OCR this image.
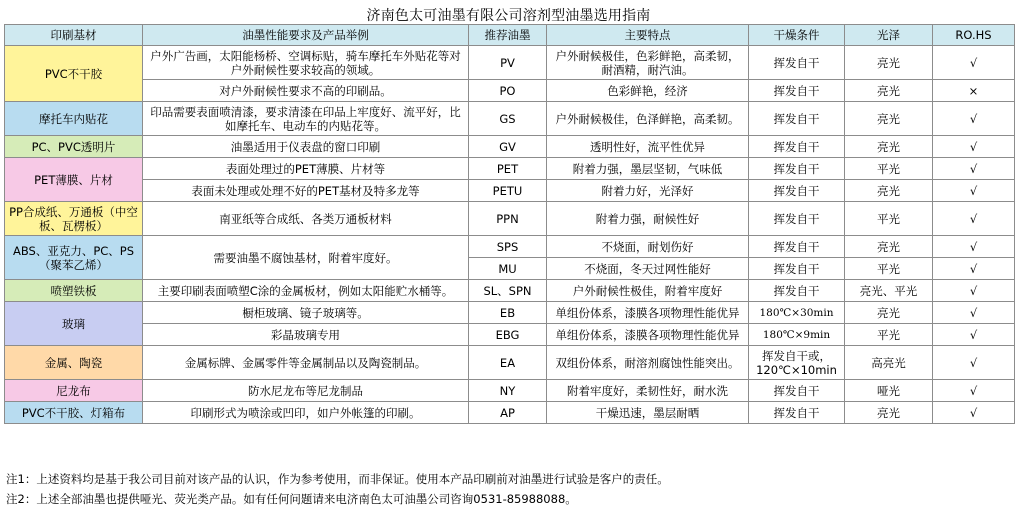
济南色太可油墨有限公司溶剂型油墨选用指南
印刷基材	油墨性能要求及产品举例	推荐油墨	主要特点	干燥条件	光泽	RO.HS
PVC不干胶	户外广告画，太阳能杨桥、空调标贴，骑车摩托车外贴花等对户外耐候性要求较高的领域。	PV	户外耐候极佳，色彩鲜艳，高柔韧，耐酒精，耐汽油。	挥发自干	亮光	√
	对户外耐候性要求不高的印刷品。	PO	色彩鲜艳，经济	挥发自干	亮光	×
摩托车内贴花	印品需要表面喷清漆，要求清漆在印品上牢度好、流平好，比如摩托车、电动车的内贴花等。	GS	户外耐候极佳，色泽鲜艳，高柔韧。	挥发自干	亮光	√
PC、PVC透明片	油墨适用于仪表盘的窗口印刷	GV	透明性好，流平性优异	挥发自干	亮光	√
PET薄膜、片材	表面处理过的PET薄膜、片材等	PET	附着力强，墨层坚韧，气味低	挥发自干	平光	√
	表面未处理或处理不好的PET基材及特多龙等	PETU	附着力好，光泽好	挥发自干	亮光	√
PP合成纸、万通板（中空板、瓦楞板）	南亚纸等合成纸、各类万通板材料	PPN	附着力强，耐候性好	挥发自干	平光	√
ABS、亚克力、PC、PS（聚苯乙烯）	需要油墨不腐蚀基材，附着牢度好。	SPS	不烧面，耐划伤好	挥发自干	亮光	√
		MU	不烧面，冬天过网性能好	挥发自干	平光	√
喷塑铁板	主要印刷表面喷塑C涂的金属板材，例如太阳能贮水桶等。	SL、SPN	户外耐候性极佳，附着牢度好	挥发自干	亮光、平光	√
玻璃	橱柜玻璃、镜子玻璃等。	EB	单组份体系，漆膜各项物理性能优异	180℃×30min	亮光	√
	彩晶玻璃专用	EBG	单组份体系，漆膜各项物理性能优异	180℃×9min	平光	√
金属、陶瓷	金属标牌、金属零件等金属制品以及陶瓷制品。	EA	双组份体系，耐溶剂腐蚀性能突出。	挥发自干或，120℃×10min	高亮光	√
尼龙布	防水尼龙布等尼龙制品	NY	附着牢度好，柔韧性好，耐水洗	挥发自干	哑光	√
PVC不干胶、灯箱布	印刷形式为喷涂或凹印，如户外帐篷的印刷。	AP	干燥迅速，墨层耐晒	挥发自干	亮光	√
注1：上述资料均是基于我公司目前对该产品的认识，作为参考使用，而非保证。使用本产品印刷前对油墨进行试验是客户的责任。
注2：上述全部油墨也提供哑光、荧光类产品。如有任何问题请来电济南色太可油墨公司咨询0531-85988088。
